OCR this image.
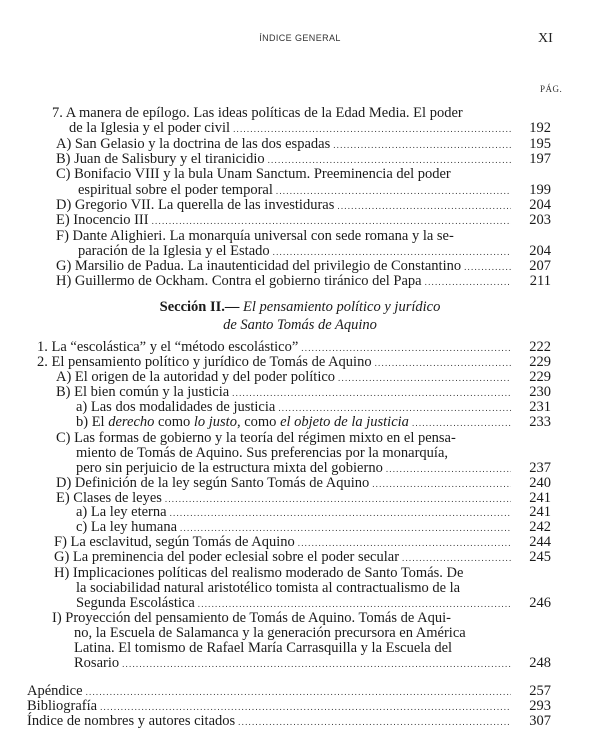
ÍNDICE GENERAL	XI
PÁG.
7. A manera de epílogo. Las ideas políticas de la Edad Media. El poder
de la Iglesia y el poder civil .....	192
A) San Gelasio y la doctrina de las dos espadas .....	195
B) Juan de Salisbury y el tiranicidio .....	197
C) Bonifacio VIII y la bula Unam Sanctum. Preeminencia del poder
espiritual sobre el poder temporal .....	199
D) Gregorio VII. La querella de las investiduras .....	204
E) Inocencio III .....	203
F) Dante Alighieri. La monarquía universal con sede romana y la se-
paración de la Iglesia y el Estado .....	204
G) Marsilio de Padua. La inautenticidad del privilegio de Constantino .....	207
H) Guillermo de Ockham. Contra el gobierno tiránico del Papa .....	211
Sección II.— El pensamiento político y jurídico
de Santo Tomás de Aquino
1. La “escolástica” y el “método escolástico” .....	222
2. El pensamiento político y jurídico de Tomás de Aquino .....	229
A) El origen de la autoridad y del poder político .....	229
B) El bien común y la justicia .....	230
a) Las dos modalidades de justicia .....	231
b) El derecho como lo justo, como el objeto de la justicia .....	233
C) Las formas de gobierno y la teoría del régimen mixto en el pensa-
miento de Tomás de Aquino. Sus preferencias por la monarquía,
pero sin perjuicio de la estructura mixta del gobierno .....	237
D) Definición de la ley según Santo Tomás de Aquino .....	240
E) Clases de leyes .....	241
a) La ley eterna .....	241
c) La ley humana .....	242
F) La esclavitud, según Tomás de Aquino .....	244
G) La preminencia del poder eclesial sobre el poder secular .....	245
H) Implicaciones políticas del realismo moderado de Santo Tomás. De
la sociabilidad natural aristotélico tomista al contractualismo de la
Segunda Escolástica .....	246
I) Proyección del pensamiento de Tomás de Aquino. Tomás de Aqui-
no, la Escuela de Salamanca y la generación precursora en América
Latina. El tomismo de Rafael María Carrasquilla y la Escuela del
Rosario .....	248
Apéndice .....	257
Bibliografía .....	293
Índice de nombres y autores citados .....	307
